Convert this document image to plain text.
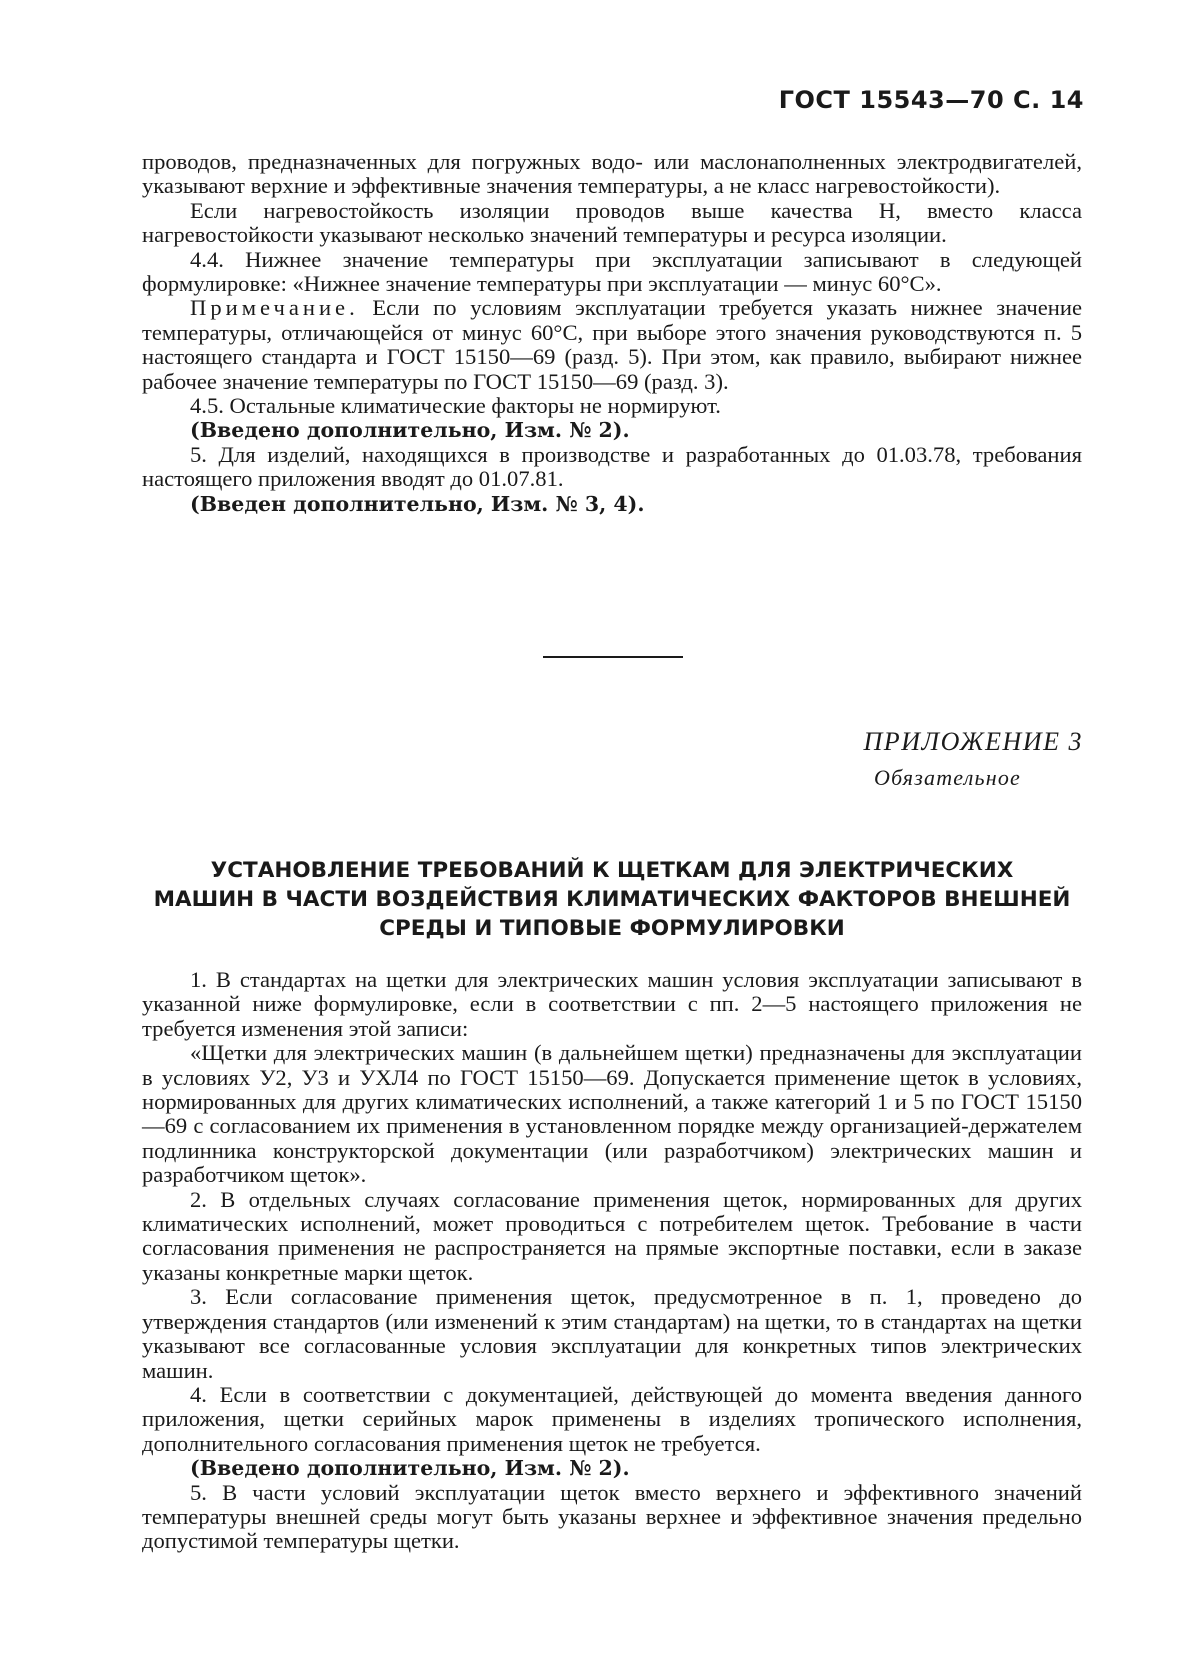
ГОСТ 15543—70 С. 14

проводов, предназначенных для погружных водо- или маслонаполненных электродвигателей, указывают верхние и эффективные значения температуры, а не класс нагревостойкости).

Если нагревостойкость изоляции проводов выше качества Н, вместо класса нагревостойкости указывают несколько значений температуры и ресурса изоляции.

4.4. Нижнее значение температуры при эксплуатации записывают в следующей формулировке: «Нижнее значение температуры при эксплуатации — минус 60°С».

Примечание. Если по условиям эксплуатации требуется указать нижнее значение температуры, отличающейся от минус 60°С, при выборе этого значения руководствуются п. 5 настоящего стандарта и ГОСТ 15150—69 (разд. 5). При этом, как правило, выбирают нижнее рабочее значение температуры по ГОСТ 15150—69 (разд. 3).

4.5. Остальные климатические факторы не нормируют.

(Введено дополнительно, Изм. № 2).

5. Для изделий, находящихся в производстве и разработанных до 01.03.78, требования настоящего приложения вводят до 01.07.81.

(Введен дополнительно, Изм. № 3, 4).

ПРИЛОЖЕНИЕ 3
Обязательное
УСТАНОВЛЕНИЕ ТРЕБОВАНИЙ К ЩЕТКАМ ДЛЯ ЭЛЕКТРИЧЕСКИХ
МАШИН В ЧАСТИ ВОЗДЕЙСТВИЯ КЛИМАТИЧЕСКИХ ФАКТОРОВ ВНЕШНЕЙ
СРЕДЫ И ТИПОВЫЕ ФОРМУЛИРОВКИ

1. В стандартах на щетки для электрических машин условия эксплуатации записывают в указанной ниже формулировке, если в соответствии с пп. 2—5 настоящего приложения не требуется изменения этой записи:

«Щетки для электрических машин (в дальнейшем щетки) предназначены для эксплуатации в условиях У2, У3 и УХЛ4 по ГОСТ 15150—69. Допускается применение щеток в условиях, нормированных для других климатических исполнений, а также категорий 1 и 5 по ГОСТ 15150—69 с согласованием их применения в установленном порядке между организацией-держателем подлинника конструкторской документации (или разработчиком) электрических машин и разработчиком щеток».

2. В отдельных случаях согласование применения щеток, нормированных для других климатических исполнений, может проводиться с потребителем щеток. Требование в части согласования применения не распространяется на прямые экспортные поставки, если в заказе указаны конкретные марки щеток.

3. Если согласование применения щеток, предусмотренное в п. 1, проведено до утверждения стандартов (или изменений к этим стандартам) на щетки, то в стандартах на щетки указывают все согласованные условия эксплуатации для конкретных типов электрических машин.

4. Если в соответствии с документацией, действующей до момента введения данного приложения, щетки серийных марок применены в изделиях тропического исполнения, дополнительного согласования применения щеток не требуется.

(Введено дополнительно, Изм. № 2).

5. В части условий эксплуатации щеток вместо верхнего и эффективного значений температуры внешней среды могут быть указаны верхнее и эффективное значения предельно допустимой температуры щетки.
